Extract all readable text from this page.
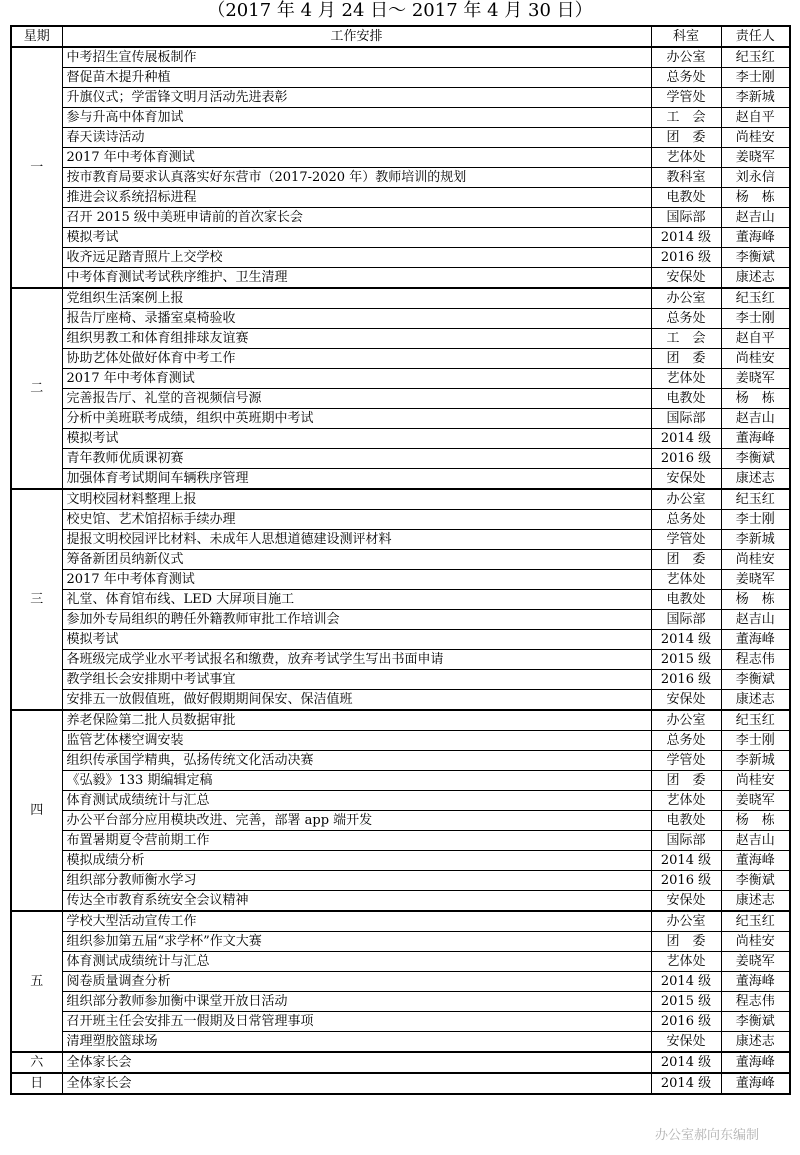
（2017 年 4 月 24 日～ 2017 年 4 月 30 日）
星期	工作安排	科室	责任人
一	中考招生宣传展板制作	办公室	纪玉红
	督促苗木提升种植	总务处	李士刚
	升旗仪式；学雷锋文明月活动先进表彰	学管处	李新城
	参与升高中体育加试	工　会	赵自平
	春天读诗活动	团　委	尚桂安
	2017 年中考体育测试	艺体处	姜晓军
	按市教育局要求认真落实好东营市（2017-2020 年）教师培训的规划	教科室	刘永信
	推进会议系统招标进程	电教处	杨　栋
	召开 2015 级中美班申请前的首次家长会	国际部	赵吉山
	模拟考试	2014 级	董海峰
	收齐远足踏青照片上交学校	2016 级	李衡斌
	中考体育测试考试秩序维护、卫生清理	安保处	康述志
二	党组织生活案例上报	办公室	纪玉红
	报告厅座椅、录播室桌椅验收	总务处	李士刚
	组织男教工和体育组排球友谊赛	工　会	赵自平
	协助艺体处做好体育中考工作	团　委	尚桂安
	2017 年中考体育测试	艺体处	姜晓军
	完善报告厅、礼堂的音视频信号源	电教处	杨　栋
	分析中美班联考成绩，组织中英班期中考试	国际部	赵吉山
	模拟考试	2014 级	董海峰
	青年教师优质课初赛	2016 级	李衡斌
	加强体育考试期间车辆秩序管理	安保处	康述志
三	文明校园材料整理上报	办公室	纪玉红
	校史馆、艺术馆招标手续办理	总务处	李士刚
	提报文明校园评比材料、未成年人思想道德建设测评材料	学管处	李新城
	筹备新团员纳新仪式	团　委	尚桂安
	2017 年中考体育测试	艺体处	姜晓军
	礼堂、体育馆布线、LED 大屏项目施工	电教处	杨　栋
	参加外专局组织的聘任外籍教师审批工作培训会	国际部	赵吉山
	模拟考试	2014 级	董海峰
	各班级完成学业水平考试报名和缴费，放弃考试学生写出书面申请	2015 级	程志伟
	教学组长会安排期中考试事宜	2016 级	李衡斌
	安排五一放假值班，做好假期期间保安、保洁值班	安保处	康述志
四	养老保险第二批人员数据审批	办公室	纪玉红
	监管艺体楼空调安装	总务处	李士刚
	组织传承国学精典，弘扬传统文化活动决赛	学管处	李新城
	《弘毅》133 期编辑定稿	团　委	尚桂安
	体育测试成绩统计与汇总	艺体处	姜晓军
	办公平台部分应用模块改进、完善，部署 app 端开发	电教处	杨　栋
	布置暑期夏令营前期工作	国际部	赵吉山
	模拟成绩分析	2014 级	董海峰
	组织部分教师衡水学习	2016 级	李衡斌
	传达全市教育系统安全会议精神	安保处	康述志
五	学校大型活动宣传工作	办公室	纪玉红
	组织参加第五届“求学杯”作文大赛	团　委	尚桂安
	体育测试成绩统计与汇总	艺体处	姜晓军
	阅卷质量调查分析	2014 级	董海峰
	组织部分教师参加衡中课堂开放日活动	2015 级	程志伟
	召开班主任会安排五一假期及日常管理事项	2016 级	李衡斌
	清理塑胶篮球场	安保处	康述志
六	全体家长会	2014 级	董海峰
日	全体家长会	2014 级	董海峰
办公室郝向东编制
